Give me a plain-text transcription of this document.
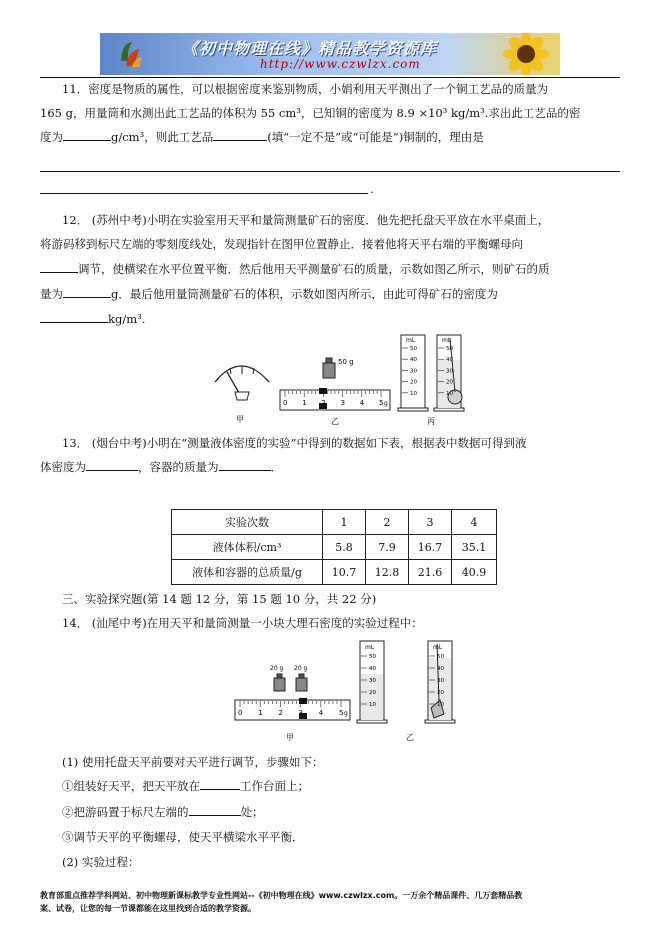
《初中物理在线》精品教学资源库
http://www.czwlzx.com
11．密度是物质的属性，可以根据密度来鉴别物质，小娟利用天平测出了一个铜工艺品的质量为
165 g，用量筒和水测出此工艺品的体积为 55 cm³，已知铜的密度为 8.9 ×10³ kg/m³.求出此工艺品的密
度为	g/cm³，则此工艺品	(填“一定不是”或“可能是”)铜制的，理由是
.
12． (苏州中考)小明在实验室用天平和量筒测量矿石的密度．他先把托盘天平放在水平桌面上，
将游码移到标尺左端的零刻度线处，发现指针在图甲位置静止．接着他将天平右端的平衡螺母向
调节，使横梁在水平位置平衡．然后他用天平测量矿石的质量，示数如图乙所示，则矿石的质
量为	g．最后他用量筒测量矿石的体积，示数如图丙所示，由此可得矿石的密度为
kg/m³.
甲
50 g
0 1	3 4 5 g
乙
mL	mL
50
40
30
20
10
50
40
30
20
10
丙
13． (烟台中考)小明在“测量液体密度的实验”中得到的数据如下表，根据表中数据可得到液
体密度为	，容器的质量为	．
实验次数	1	2	3	4
液体体积/cm³	5.8	7.9	16.7	35.1
液体和容器的总质量/g	10.7	12.8	21.6	40.9
三、实验探究题(第 14 题 12 分，第 15 题 10 分，共 22 分)
14． (汕尾中考)在用天平和量筒测量一小块大理石密度的实验过程中：
20 g 20 g
0 1 2	4 5 g
甲
mL	mL
50
40
30
20
10
50
40
30
20
10
乙
(1) 使用托盘天平前要对天平进行调节，步骤如下：
①组装好天平，把天平放在	工作台面上；
②把游码置于标尺左端的	处；
③调节天平的平衡螺母，使天平横梁水平平衡．
(2) 实验过程：
教育部重点推荐学科网站、初中物理新课标教学专业性网站--《初中物理在线》www.czwlzx.com。一万余个精品课件、几万套精品教
案、试卷，让您的每一节课都能在这里找到合适的教学资源。
